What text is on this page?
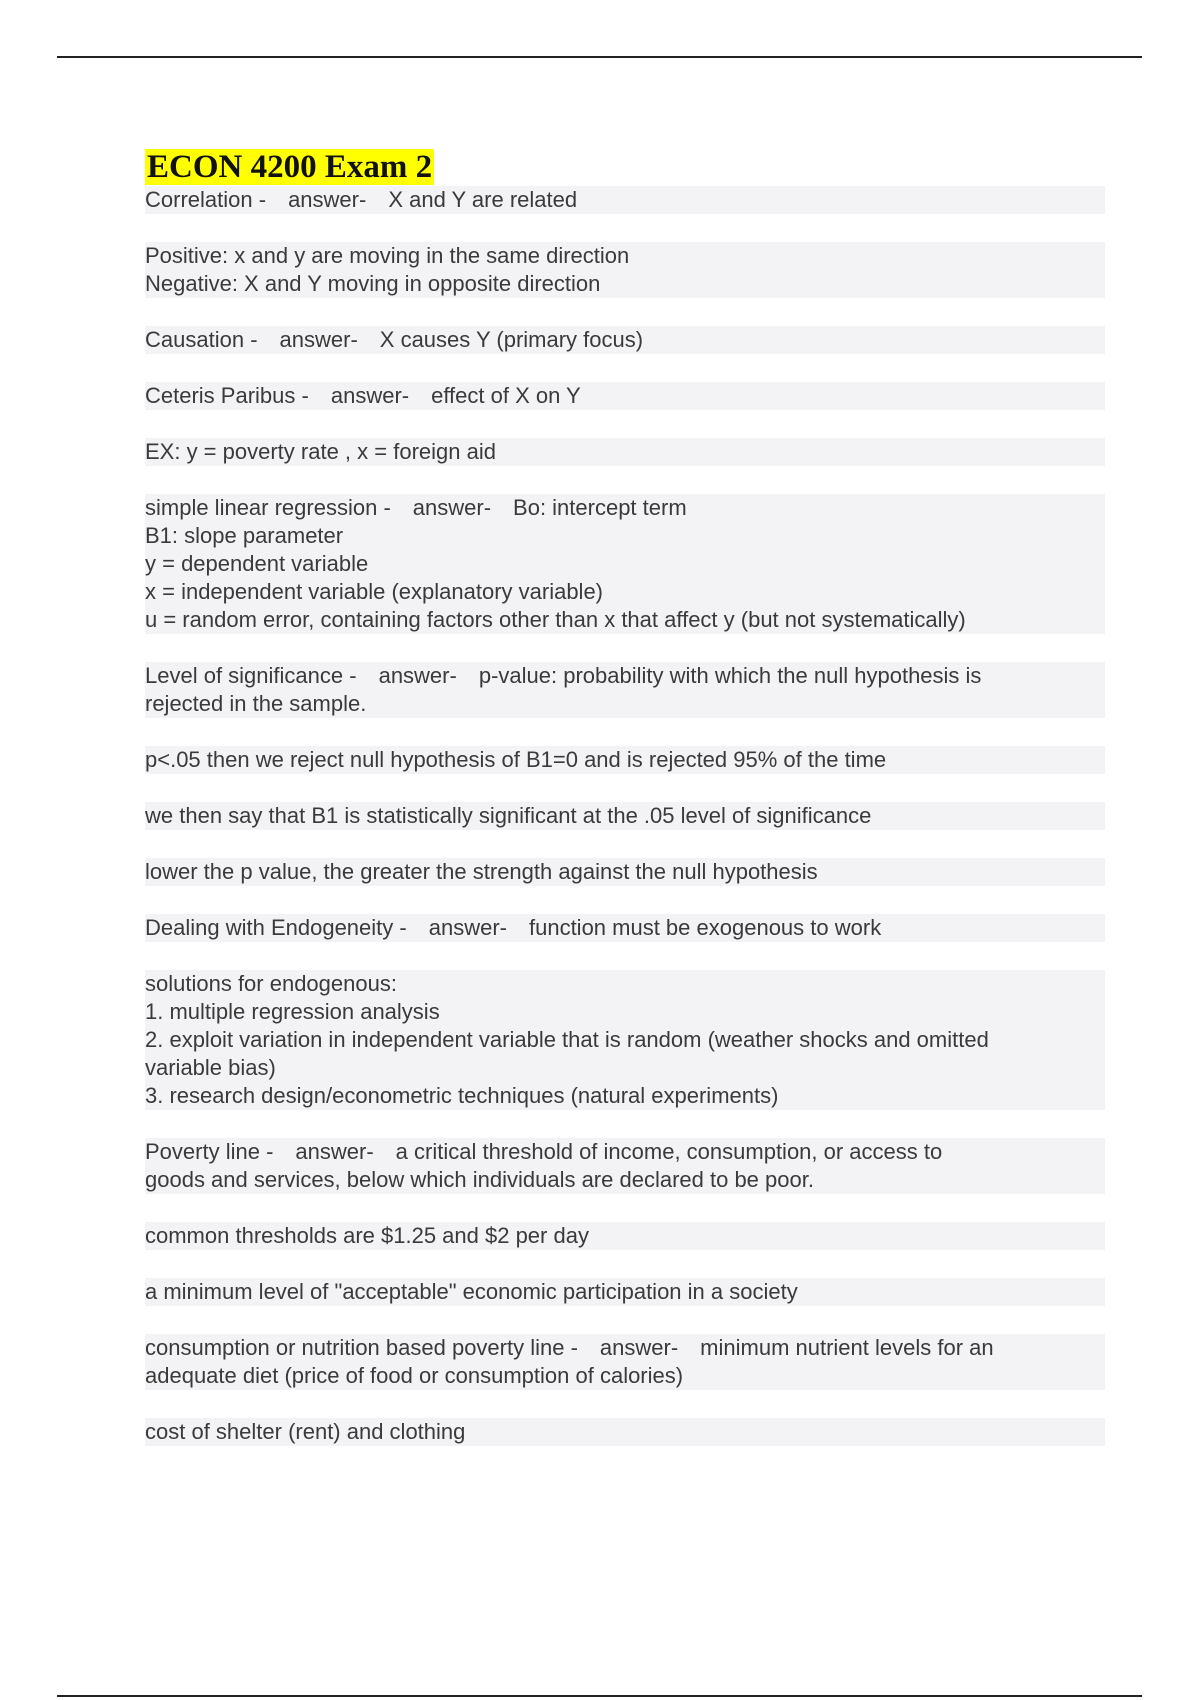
ECON 4200 Exam 2
Correlation - answer- X and Y are related
Positive: x and y are moving in the same direction
Negative: X and Y moving in opposite direction
Causation - answer- X causes Y (primary focus)
Ceteris Paribus - answer- effect of X on Y
EX: y = poverty rate , x = foreign aid
simple linear regression - answer- Bo: intercept term
B1: slope parameter
y = dependent variable
x = independent variable (explanatory variable)
u = random error, containing factors other than x that affect y (but not systematically)
Level of significance - answer- p-value: probability with which the null hypothesis is
rejected in the sample.
p<.05 then we reject null hypothesis of B1=0 and is rejected 95% of the time
we then say that B1 is statistically significant at the .05 level of significance
lower the p value, the greater the strength against the null hypothesis
Dealing with Endogeneity - answer- function must be exogenous to work
solutions for endogenous:
1. multiple regression analysis
2. exploit variation in independent variable that is random (weather shocks and omitted
variable bias)
3. research design/econometric techniques (natural experiments)
Poverty line - answer- a critical threshold of income, consumption, or access to
goods and services, below which individuals are declared to be poor.
common thresholds are $1.25 and $2 per day
a minimum level of "acceptable" economic participation in a society
consumption or nutrition based poverty line - answer- minimum nutrient levels for an
adequate diet (price of food or consumption of calories)
cost of shelter (rent) and clothing
